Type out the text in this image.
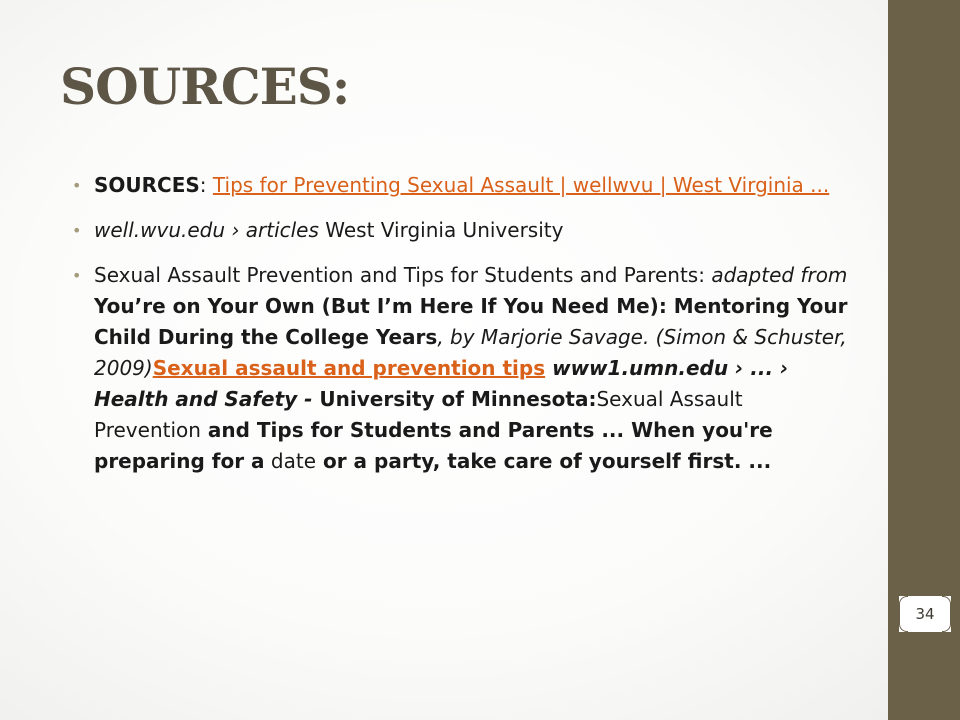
SOURCES:
• SOURCES: Tips for Preventing Sexual Assault | wellwvu | West Virginia ...
• well.wvu.edu › articles West Virginia University
• Sexual Assault Prevention and Tips for Students and Parents: adapted from You’re on Your Own (But I’m Here If You Need Me): Mentoring Your Child During the College Years, by Marjorie Savage. (Simon & Schuster, 2009)Sexual assault and prevention tips www1.umn.edu › ... › Health and Safety - University of Minnesota:Sexual Assault Prevention and Tips for Students and Parents ... When you're preparing for a date or a party, take care of yourself first. ...
34
